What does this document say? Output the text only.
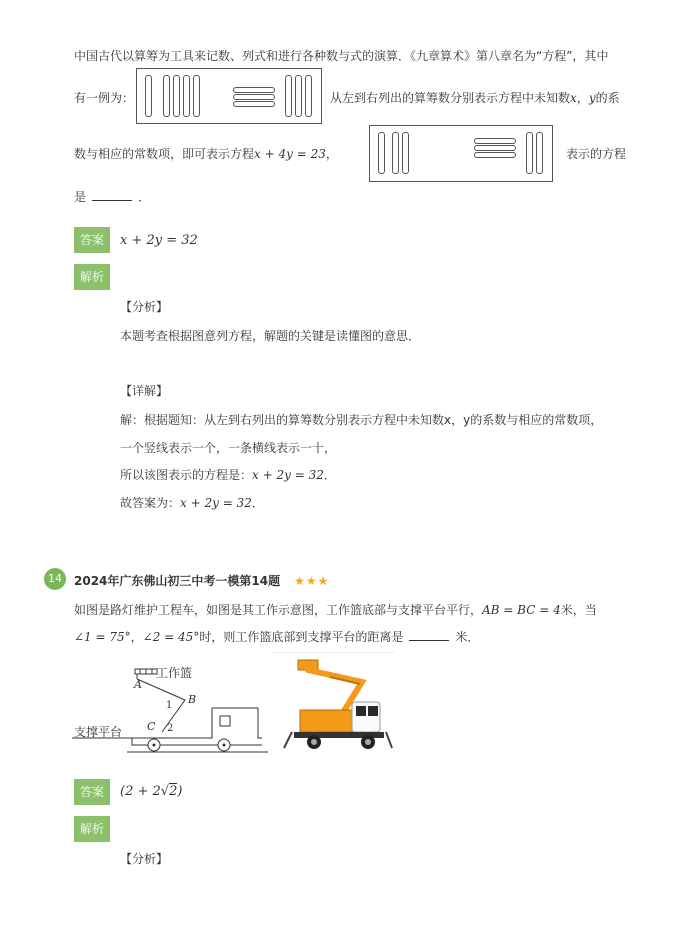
中国古代以算筹为工具来记数、列式和进行各种数与式的演算．《九章算术》第八章名为“方程”，其中
有一例为：	从左到右列出的算筹数分别表示方程中未知数x，y的系
数与相应的常数项，即可表示方程x + 4y = 23，	表示的方程
是	．
答案	x + 2y = 32
解析
【分析】
本题考查根据图意列方程，解题的关键是读懂图的意思．
【详解】
解：根据题知：从左到右列出的算筹数分别表示方程中未知数x，y的系数与相应的常数项，
一个竖线表示一个，一条横线表示一十，
所以该图表示的方程是：x + 2y = 32．
故答案为：x + 2y = 32．
14	2024年广东佛山初三中考一模第14题 ★★★
如图是路灯维护工程车，如图是其工作示意图，工作篮底部与支撑平台平行，AB = BC = 4米，当
∠1 = 75°，∠2 = 45°时，则工作篮底部到支撑平台的距离是	米．
工作篮
A
B
1
C 2
支撑平台
答案	(2 + 2√2)
解析
【分析】
